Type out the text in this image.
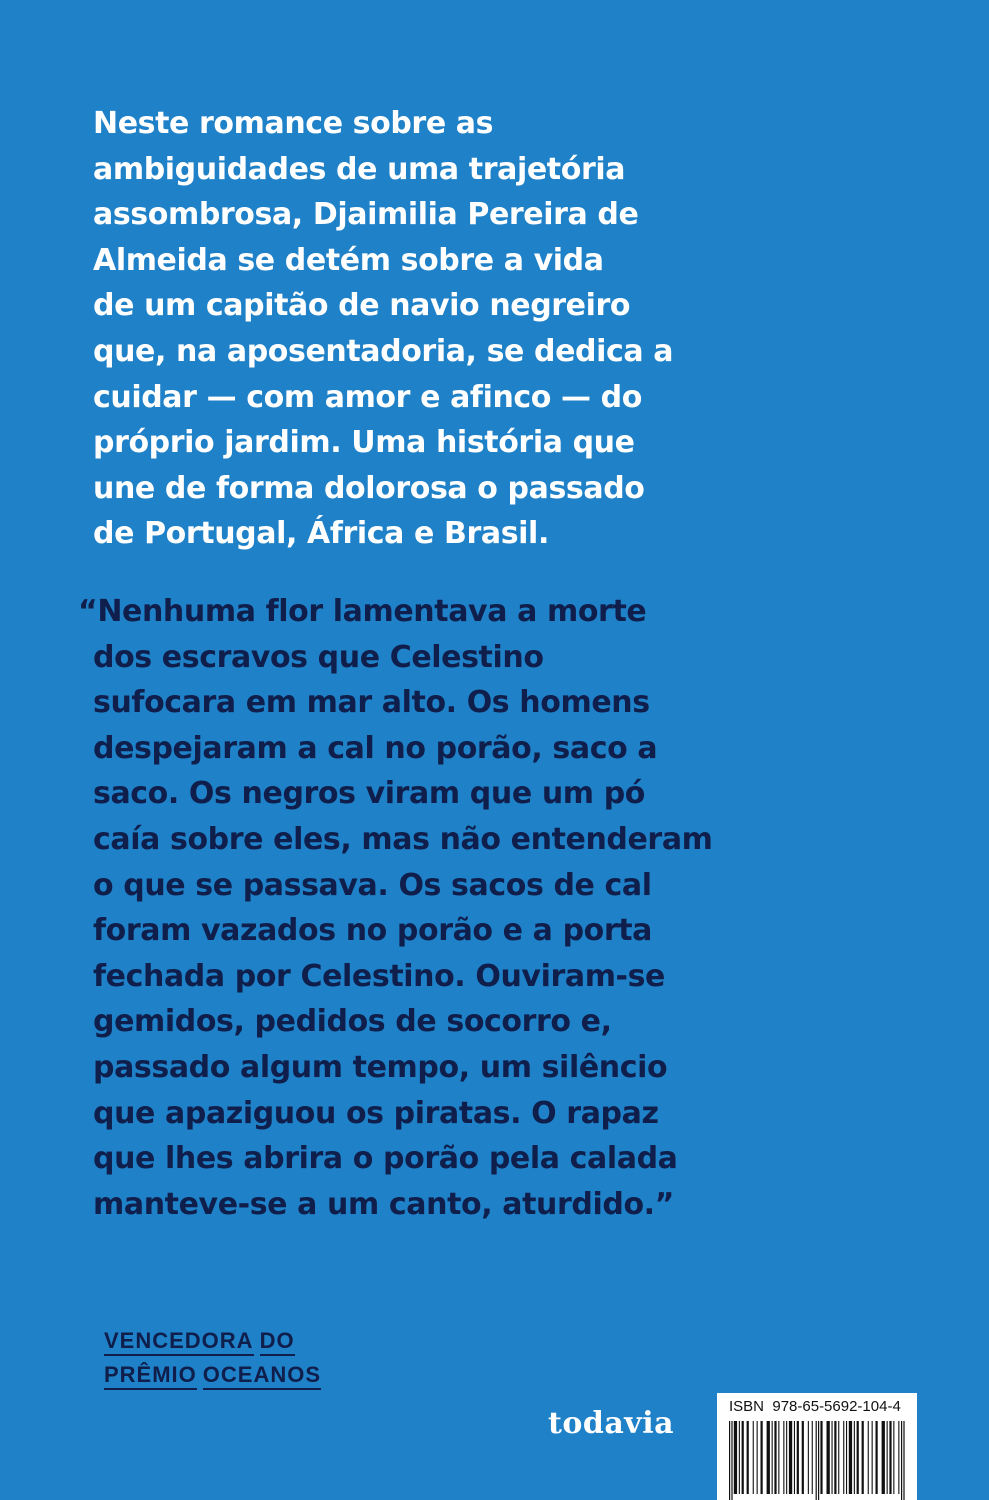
Neste romance sobre as
ambiguidades de uma trajetória
assombrosa, Djaimilia Pereira de
Almeida se detém sobre a vida
de um capitão de navio negreiro
que, na aposentadoria, se dedica a
cuidar — com amor e afinco — do
próprio jardim. Uma história que
une de forma dolorosa o passado
de Portugal, África e Brasil.
“Nenhuma flor lamentava a morte
dos escravos que Celestino
sufocara em mar alto. Os homens
despejaram a cal no porão, saco a
saco. Os negros viram que um pó
caía sobre eles, mas não entenderam
o que se passava. Os sacos de cal
foram vazados no porão e a porta
fechada por Celestino. Ouviram-se
gemidos, pedidos de socorro e,
passado algum tempo, um silêncio
que apaziguou os piratas. O rapaz
que lhes abrira o porão pela calada
manteve-se a um canto, aturdido.”
VENCEDORA DO
PRÊMIO OCEANOS
todavia	ISBN 978-65-5692-104-4
